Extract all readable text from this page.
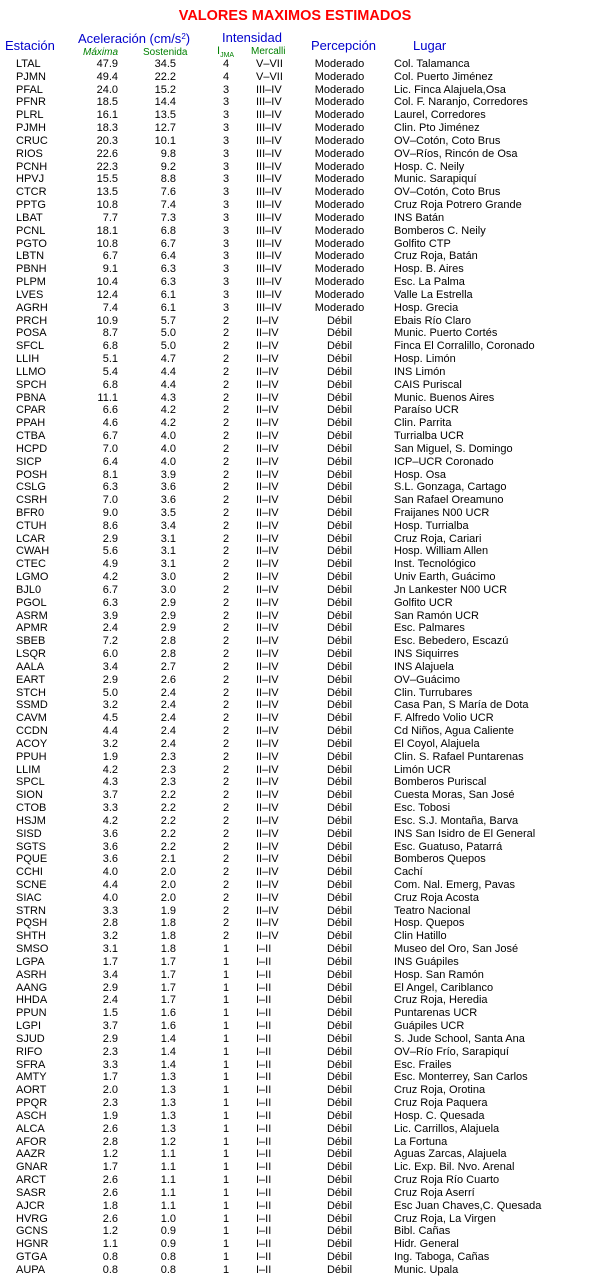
VALORES MAXIMOS ESTIMADOS
Estación Aceleración $(cm/s^2)$
Máxima Sostenida
Intensidad
$I_{JMA}$ Mercalli Percepción	Lugar
LTAL	47.9	34.5	4	V–VII	Moderado	Col. Talamanca
PJMN	49.4	22.2	4	V–VII	Moderado	Col. Puerto Jiménez
PFAL	24.0	15.2	3	III–IV	Moderado	Lic. Finca Alajuela,Osa
PFNR	18.5	14.4	3	III–IV	Moderado	Col. F. Naranjo, Corredores
PLRL	16.1	13.5	3	III–IV	Moderado	Laurel, Corredores
PJMH	18.3	12.7	3	III–IV	Moderado	Clin. Pto Jiménez
CRUC	20.3	10.1	3	III–IV	Moderado	OV–Cotón, Coto Brus
RIOS	22.6	9.8	3	III–IV	Moderado	OV–Ríos, Rincón de Osa
PCNH	22.3	9.2	3	III–IV	Moderado	Hosp. C. Neily
HPVJ	15.5	8.8	3	III–IV	Moderado	Munic. Sarapiquí
CTCR	13.5	7.6	3	III–IV	Moderado	OV–Cotón, Coto Brus
PPTG	10.8	7.4	3	III–IV	Moderado	Cruz Roja Potrero Grande
LBAT	7.7	7.3	3	III–IV	Moderado	INS Batán
PCNL	18.1	6.8	3	III–IV	Moderado	Bomberos C. Neily
PGTO	10.8	6.7	3	III–IV	Moderado	Golfito CTP
LBTN	6.7	6.4	3	III–IV	Moderado	Cruz Roja, Batán
PBNH	9.1	6.3	3	III–IV	Moderado	Hosp. B. Aires
PLPM	10.4	6.3	3	III–IV	Moderado	Esc. La Palma
LVES	12.4	6.1	3	III–IV	Moderado	Valle La Estrella
AGRH	7.4	6.1	3	III–IV	Moderado	Hosp. Grecia
PRCH	10.9	5.7	2	II–IV	Débil	Ebais Río Claro
POSA	8.7	5.0	2	II–IV	Débil	Munic. Puerto Cortés
SFCL	6.8	5.0	2	II–IV	Débil	Finca El Corralillo, Coronado
LLIH	5.1	4.7	2	II–IV	Débil	Hosp. Limón
LLMO	5.4	4.4	2	II–IV	Débil	INS Limón
SPCH	6.8	4.4	2	II–IV	Débil	CAIS Puriscal
PBNA	11.1	4.3	2	II–IV	Débil	Munic. Buenos Aires
CPAR	6.6	4.2	2	II–IV	Débil	Paraíso UCR
PPAH	4.6	4.2	2	II–IV	Débil	Clin. Parrita
CTBA	6.7	4.0	2	II–IV	Débil	Turrialba UCR
HCPD	7.0	4.0	2	II–IV	Débil	San Miguel, S. Domingo
SICP	6.4	4.0	2	II–IV	Débil	ICP–UCR Coronado
POSH	8.1	3.9	2	II–IV	Débil	Hosp. Osa
CSLG	6.3	3.6	2	II–IV	Débil	S.L. Gonzaga, Cartago
CSRH	7.0	3.6	2	II–IV	Débil	San Rafael Oreamuno
BFR0	9.0	3.5	2	II–IV	Débil	Fraijanes N00 UCR
CTUH	8.6	3.4	2	II–IV	Débil	Hosp. Turrialba
LCAR	2.9	3.1	2	II–IV	Débil	Cruz Roja, Cariari
CWAH	5.6	3.1	2	II–IV	Débil	Hosp. William Allen
CTEC	4.9	3.1	2	II–IV	Débil	Inst. Tecnológico
LGMO	4.2	3.0	2	II–IV	Débil	Univ Earth, Guácimo
BJL0	6.7	3.0	2	II–IV	Débil	Jn Lankester N00 UCR
PGOL	6.3	2.9	2	II–IV	Débil	Golfito UCR
ASRM	3.9	2.9	2	II–IV	Débil	San Ramón UCR
APMR	2.4	2.9	2	II–IV	Débil	Esc. Palmares
SBEB	7.2	2.8	2	II–IV	Débil	Esc. Bebedero, Escazú
LSQR	6.0	2.8	2	II–IV	Débil	INS Siquirres
AALA	3.4	2.7	2	II–IV	Débil	INS Alajuela
EART	2.9	2.6	2	II–IV	Débil	OV–Guácimo
STCH	5.0	2.4	2	II–IV	Débil	Clin. Turrubares
SSMD	3.2	2.4	2	II–IV	Débil	Casa Pan, S María de Dota
CAVM	4.5	2.4	2	II–IV	Débil	F. Alfredo Volio UCR
CCDN	4.4	2.4	2	II–IV	Débil	Cd Niños, Agua Caliente
ACOY	3.2	2.4	2	II–IV	Débil	El Coyol, Alajuela
PPUH	1.9	2.3	2	II–IV	Débil	Clin. S. Rafael Puntarenas
LLIM	4.2	2.3	2	II–IV	Débil	Limón UCR
SPCL	4.3	2.3	2	II–IV	Débil	Bomberos Puriscal
SION	3.7	2.2	2	II–IV	Débil	Cuesta Moras, San José
CTOB	3.3	2.2	2	II–IV	Débil	Esc. Tobosi
HSJM	4.2	2.2	2	II–IV	Débil	Esc. S.J. Montaña, Barva
SISD	3.6	2.2	2	II–IV	Débil	INS San Isidro de El General
SGTS	3.6	2.2	2	II–IV	Débil	Esc. Guatuso, Patarrá
PQUE	3.6	2.1	2	II–IV	Débil	Bomberos Quepos
CCHI	4.0	2.0	2	II–IV	Débil	Cachí
SCNE	4.4	2.0	2	II–IV	Débil	Com. Nal. Emerg, Pavas
SIAC	4.0	2.0	2	II–IV	Débil	Cruz Roja Acosta
STRN	3.3	1.9	2	II–IV	Débil	Teatro Nacional
PQSH	2.8	1.8	2	II–IV	Débil	Hosp. Quepos
SHTH	3.2	1.8	2	II–IV	Débil	Clin Hatillo
SMSO	3.1	1.8	1	I–II	Débil	Museo del Oro, San José
LGPA	1.7	1.7	1	I–II	Débil	INS Guápiles
ASRH	3.4	1.7	1	I–II	Débil	Hosp. San Ramón
AANG	2.9	1.7	1	I–II	Débil	El Angel, Cariblanco
HHDA	2.4	1.7	1	I–II	Débil	Cruz Roja, Heredia
PPUN	1.5	1.6	1	I–II	Débil	Puntarenas UCR
LGPI	3.7	1.6	1	I–II	Débil	Guápiles UCR
SJUD	2.9	1.4	1	I–II	Débil	S. Jude School, Santa Ana
RIFO	2.3	1.4	1	I–II	Débil	OV–Río Frío, Sarapiquí
SFRA	3.3	1.4	1	I–II	Débil	Esc. Frailes
AMTY	1.7	1.3	1	I–II	Débil	Esc. Monterrey, San Carlos
AORT	2.0	1.3	1	I–II	Débil	Cruz Roja, Orotina
PPQR	2.3	1.3	1	I–II	Débil	Cruz Roja Paquera
ASCH	1.9	1.3	1	I–II	Débil	Hosp. C. Quesada
ALCA	2.6	1.3	1	I–II	Débil	Lic. Carrillos, Alajuela
AFOR	2.8	1.2	1	I–II	Débil	La Fortuna
AAZR	1.2	1.1	1	I–II	Débil	Aguas Zarcas, Alajuela
GNAR	1.7	1.1	1	I–II	Débil	Lic. Exp. Bil. Nvo. Arenal
ARCT	2.6	1.1	1	I–II	Débil	Cruz Roja Río Cuarto
SASR	2.6	1.1	1	I–II	Débil	Cruz Roja Aserrí
AJCR	1.8	1.1	1	I–II	Débil	Esc Juan Chaves,C. Quesada
HVRG	2.6	1.0	1	I–II	Débil	Cruz Roja, La Virgen
GCNS	1.2	0.9	1	I–II	Débil	Bibl. Cañas
HGNR	1.1	0.9	1	I–II	Débil	Hidr. General
GTGA	0.8	0.8	1	I–II	Débil	Ing. Taboga, Cañas
AUPA	0.8	0.8	1	I–II	Débil	Munic. Upala
